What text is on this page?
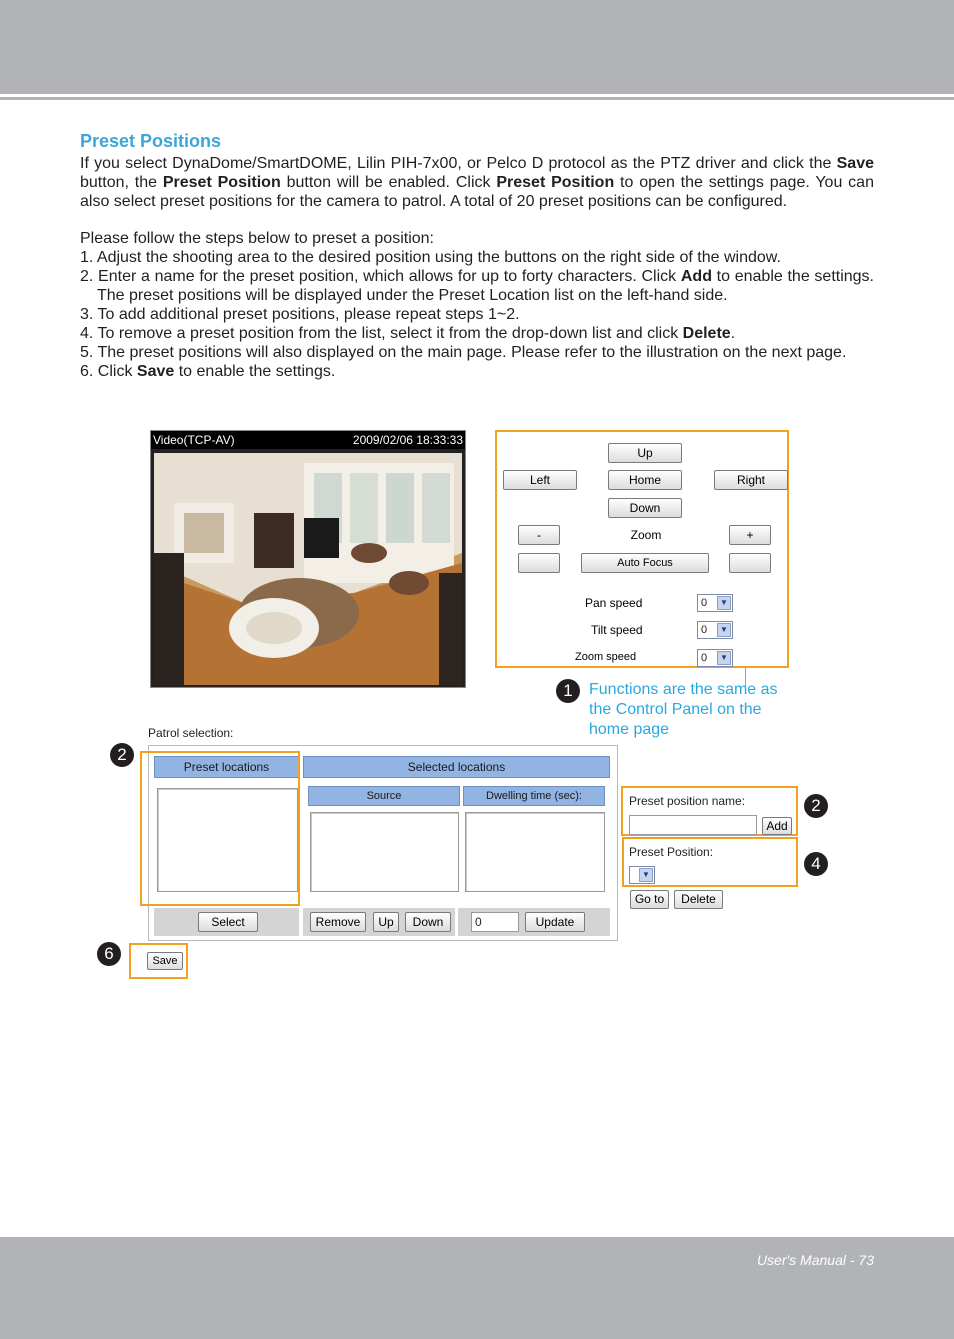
Preset Positions

If you select DynaDome/SmartDOME, Lilin PIH-7x00, or Pelco D protocol as the PTZ driver and click the Save button, the Preset Position button will be enabled. Click Preset Position to open the settings page. You can also select preset positions for the camera to patrol. A total of 20 preset positions can be configured.

Please follow the steps below to preset a position:

1. Adjust the shooting area to the desired position using the buttons on the right side of the window.
2. Enter a name for the preset position, which allows for up to forty characters. Click Add to enable the settings. The preset positions will be displayed under the Preset Location list on the left-hand side.
3. To add additional preset positions, please repeat steps 1~2.
4. To remove a preset position from the list, select it from the drop-down list and click Delete.
5. The preset positions will also displayed on the main page. Please refer to the illustration on the next page.
6. Click Save to enable the settings.
Video(TCP-AV)	2009/02/06 18:33:33
Up
Left	Home	Right
Down
-	Zoom	+
Auto Focus
Pan speed	0	▼
Tilt speed	0	▼
Zoom speed	0	▼
1	Functions are the same as the Control Panel on the home page
Patrol selection:
Preset locations	Selected locations
Source	Dwelling time (sec):
Select	Remove	Up	Down	0	Update
2
Preset position name:
Add
2
Preset Position:
▼
4
Go to	Delete
Save
6
User's Manual - 73
